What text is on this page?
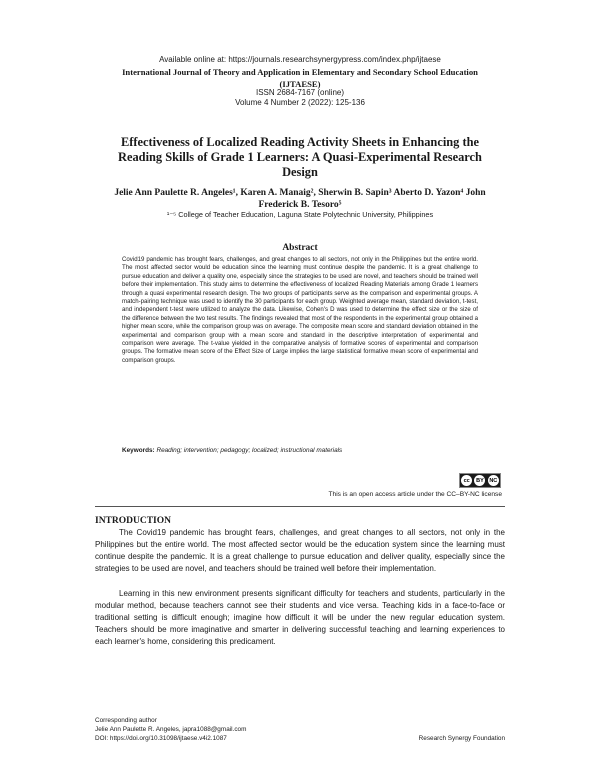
Available online at: https://journals.researchsynergypress.com/index.php/ijtaese
International Journal of Theory and Application in Elementary and Secondary School Education
(IJTAESE)
ISSN 2684-7167 (online)
Volume 4 Number 2 (2022): 125-136
Effectiveness of Localized Reading Activity Sheets in Enhancing the Reading Skills of Grade 1 Learners: A Quasi-Experimental Research Design
Jelie Ann Paulette R. Angeles¹, Karen A. Manaig², Sherwin B. Sapin³ Aberto D. Yazon⁴ John Frederick B. Tesoro⁵
¹⁻⁵ College of Teacher Education, Laguna State Polytechnic University, Philippines
Abstract
Covid19 pandemic has brought fears, challenges, and great changes to all sectors, not only in the Philippines but the entire world. The most affected sector would be education since the learning must continue despite the pandemic. It is a great challenge to pursue education and deliver a quality one, especially since the strategies to be used are novel, and teachers should be trained well before their implementation. This study aims to determine the effectiveness of localized Reading Materials among Grade 1 learners through a quasi experimental research design. The two groups of participants serve as the comparison and experimental groups. A match-pairing technique was used to identify the 30 participants for each group. Weighted average mean, standard deviation, t-test, and independent t-test were utilized to analyze the data. Likewise, Cohen's D was used to determine the effect size or the size of the difference between the two test results. The findings revealed that most of the respondents in the experimental group obtained a higher mean score, while the comparison group was on average. The composite mean score and standard deviation obtained in the experimental and comparison group with a mean score and standard in the descriptive interpretation of experimental and comparison were average. The t-value yielded in the comparative analysis of formative scores of experimental and comparison groups. The formative mean score of the Effect Size of Large implies the large statistical formative mean score of experimental and comparison groups.
Keywords: Reading; intervention; pedagogy; localized; instructional materials
cc	BY	NC
This is an open access article under the CC–BY-NC license
INTRODUCTION
The Covid19 pandemic has brought fears, challenges, and great changes to all sectors, not only in the Philippines but the entire world. The most affected sector would be the education system since the learning must continue despite the pandemic. It is a great challenge to pursue education and deliver quality, especially since the strategies to be used are novel, and teachers should be trained well before their implementation.
Learning in this new environment presents significant difficulty for teachers and students, particularly in the modular method, because teachers cannot see their students and vice versa. Teaching kids in a face-to-face or traditional setting is difficult enough; imagine how difficult it will be under the new regular education system. Teachers should be more imaginative and smarter in delivering successful teaching and learning experiences to each learner's home, considering this predicament.
Corresponding author
Jelie Ann Paulette R. Angeles, japra1088@gmail.com
DOI: https://doi.org/10.31098/ijtaese.v4i2.1087	Research Synergy Foundation
